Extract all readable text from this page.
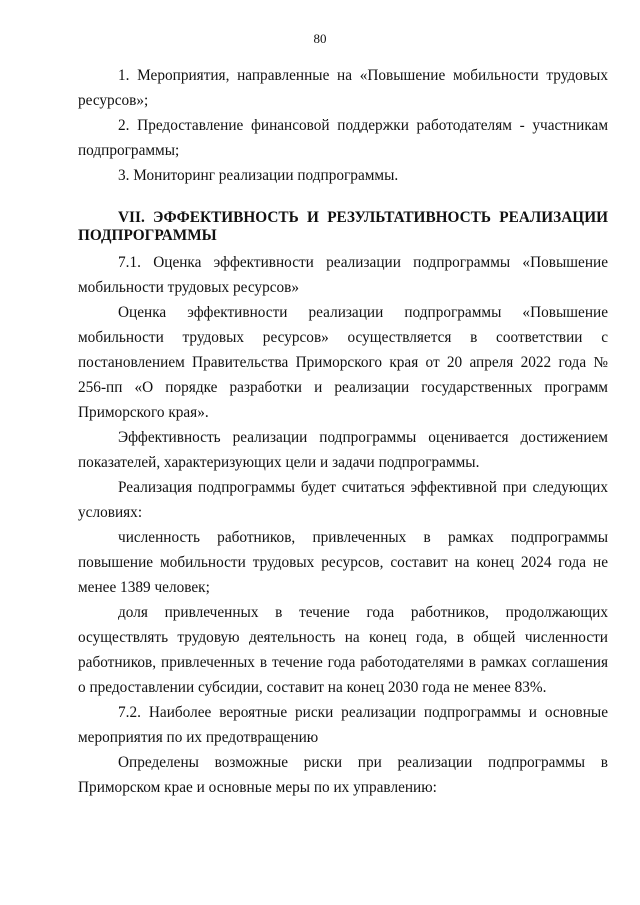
80

1. Мероприятия, направленные на «Повышение мобильности трудовых ресурсов»;

2. Предоставление финансовой поддержки работодателям - участникам подпрограммы;

3. Мониторинг реализации подпрограммы.

VII. ЭФФЕКТИВНОСТЬ И РЕЗУЛЬТАТИВНОСТЬ РЕАЛИЗАЦИИ ПОДПРОГРАММЫ

7.1. Оценка эффективности реализации подпрограммы «Повышение мобильности трудовых ресурсов»

Оценка эффективности реализации подпрограммы «Повышение мобильности трудовых ресурсов» осуществляется в соответствии с постановлением Правительства Приморского края от 20 апреля 2022 года № 256-пп «О порядке разработки и реализации государственных программ Приморского края».

Эффективность реализации подпрограммы оценивается достижением показателей, характеризующих цели и задачи подпрограммы.

Реализация подпрограммы будет считаться эффективной при следующих условиях:

численность работников, привлеченных в рамках подпрограммы повышение мобильности трудовых ресурсов, составит на конец 2024 года не менее 1389 человек;

доля привлеченных в течение года работников, продолжающих осуществлять трудовую деятельность на конец года, в общей численности работников, привлеченных в течение года работодателями в рамках соглашения о предоставлении субсидии, составит на конец 2030 года не менее 83%.

7.2. Наиболее вероятные риски реализации подпрограммы и основные мероприятия по их предотвращению

Определены возможные риски при реализации подпрограммы в Приморском крае и основные меры по их управлению:
